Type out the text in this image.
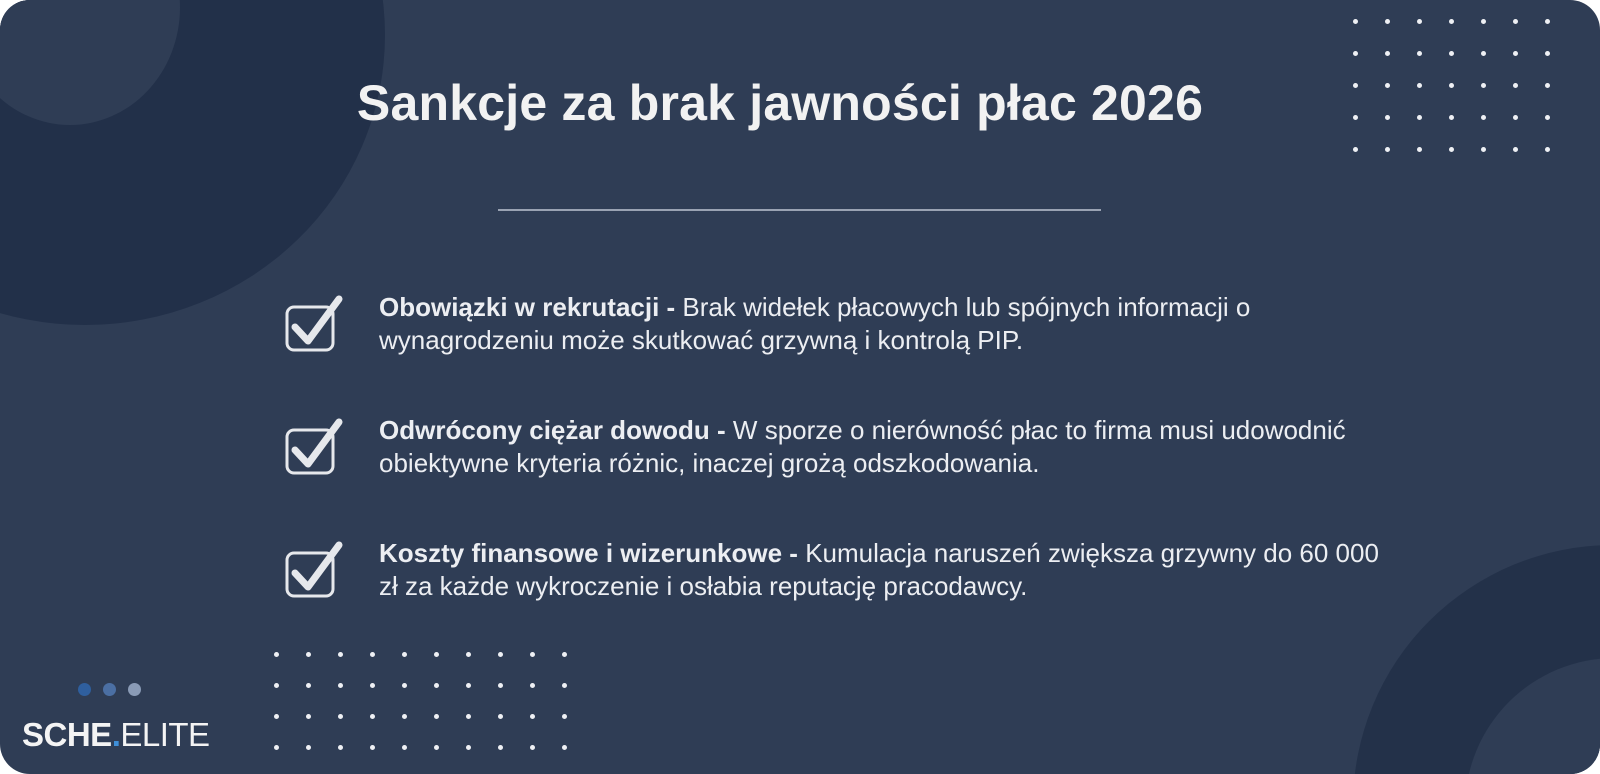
Sankcje za brak jawności płac 2026
Obowiązki w rekrutacji - Brak widełek płacowych lub spójnych informacji o wynagrodzeniu może skutkować grzywną i kontrolą PIP.
Odwrócony ciężar dowodu - W sporze o nierówność płac to firma musi udowodnić obiektywne kryteria różnic, inaczej grożą odszkodowania.
Koszty finansowe i wizerunkowe - Kumulacja naruszeń zwiększa grzywny do 60 000 zł za każde wykroczenie i osłabia reputację pracodawcy.
SCHE.ELITE
